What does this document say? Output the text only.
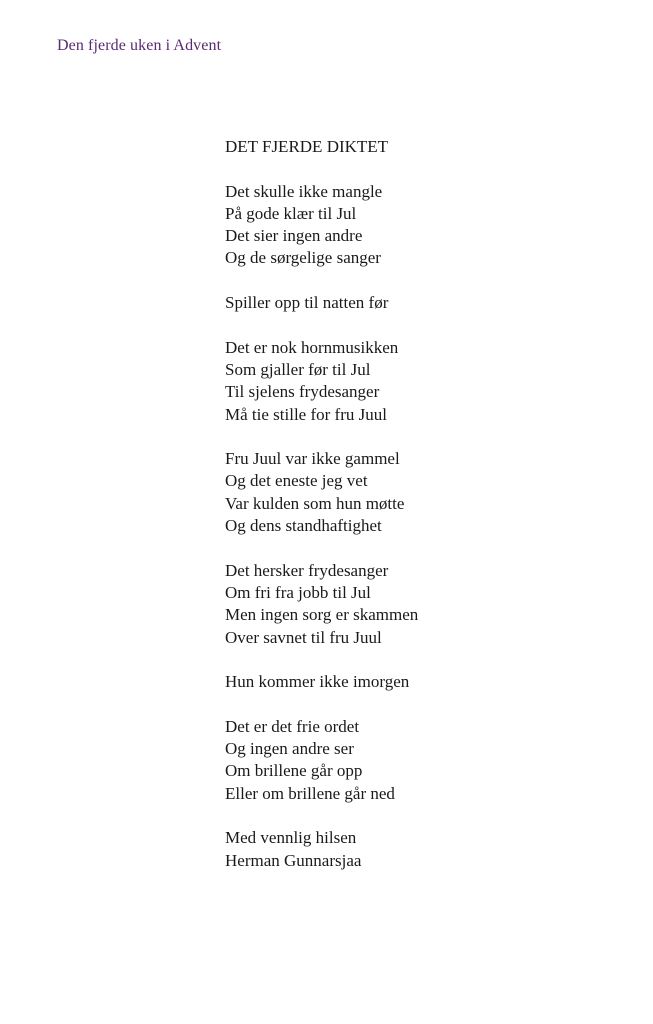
Den fjerde uken i Advent
DET FJERDE DIKTET
Det skulle ikke mangle
På gode klær til Jul
Det sier ingen andre
Og de sørgelige sanger
Spiller opp til natten før
Det er nok hornmusikken
Som gjaller før til Jul
Til sjelens frydesanger
Må tie stille for fru Juul
Fru Juul var ikke gammel
Og det eneste jeg vet
Var kulden som hun møtte
Og dens standhaftighet
Det hersker frydesanger
Om fri fra jobb til Jul
Men ingen sorg er skammen
Over savnet til fru Juul
Hun kommer ikke imorgen
Det er det frie ordet
Og ingen andre ser
Om brillene går opp
Eller om brillene går ned
Med vennlig hilsen
Herman Gunnarsjaa
